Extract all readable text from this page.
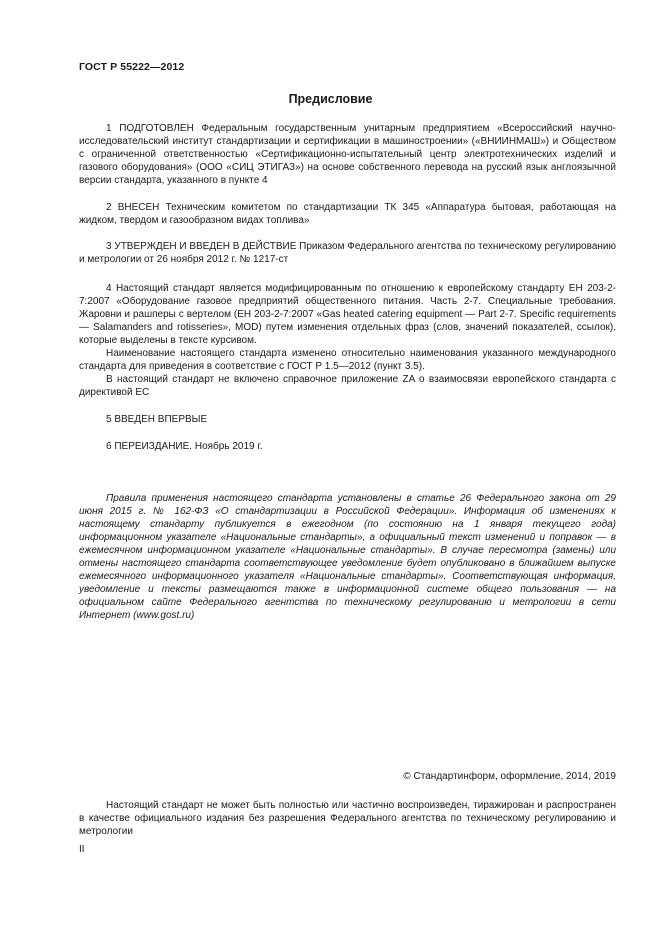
ГОСТ Р 55222—2012
Предисловие

1 ПОДГОТОВЛЕН Федеральным государственным унитарным предприятием «Всероссийский научно-исследовательский институт стандартизации и сертификации в машиностроении» («ВНИИНМАШ») и Обществом с ограниченной ответственностью «Сертификационно-испытательный центр электротехнических изделий и газового оборудования» (ООО «СИЦ ЭТИГАЗ») на основе собственного перевода на русский язык англоязычной версии стандарта, указанного в пункте 4

2 ВНЕСЕН Техническим комитетом по стандартизации ТК 345 «Аппаратура бытовая, работающая на жидком, твердом и газообразном видах топлива»

3 УТВЕРЖДЕН И ВВЕДЕН В ДЕЙСТВИЕ Приказом Федерального агентства по техническому регулированию и метрологии от 26 ноября 2012 г. № 1217-ст

4 Настоящий стандарт является модифицированным по отношению к европейскому стандарту ЕН 203-2-7:2007 «Оборудование газовое предприятий общественного питания. Часть 2-7. Специальные требования. Жаровни и рашперы с вертелом (ЕН 203-2-7:2007 «Gas heated catering equipment — Part 2-7. Specific requirements — Salamanders and rotisseries», MOD) путем изменения отдельных фраз (слов, значений показателей, ссылок), которые выделены в тексте курсивом.

Наименование настоящего стандарта изменено относительно наименования указанного международного стандарта для приведения в соответствие с ГОСТ Р 1.5—2012 (пункт 3.5).

В настоящий стандарт не включено справочное приложение ZA о взаимосвязи европейского стандарта с директивой ЕС

5 ВВЕДЕН ВПЕРВЫЕ

6 ПЕРЕИЗДАНИЕ. Ноябрь 2019 г.

Правила применения настоящего стандарта установлены в статье 26 Федерального закона от 29 июня 2015 г. № 162-ФЗ «О стандартизации в Российской Федерации». Информация об изменениях к настоящему стандарту публикуется в ежегодном (по состоянию на 1 января текущего года) информационном указателе «Национальные стандарты», а официальный текст изменений и поправок — в ежемесячном информационном указателе «Национальные стандарты». В случае пересмотра (замены) или отмены настоящего стандарта соответствующее уведомление будет опубликовано в ближайшем выпуске ежемесячного информационного указателя «Национальные стандарты». Соответствующая информация, уведомление и тексты размещаются также в информационной системе общего пользования — на официальном сайте Федерального агентства по техническому регулированию и метрологии в сети Интернет (www.gost.ru)

© Стандартинформ, оформление, 2014, 2019

Настоящий стандарт не может быть полностью или частично воспроизведен, тиражирован и распространен в качестве официального издания без разрешения Федерального агентства по техническому регулированию и метрологии

II
